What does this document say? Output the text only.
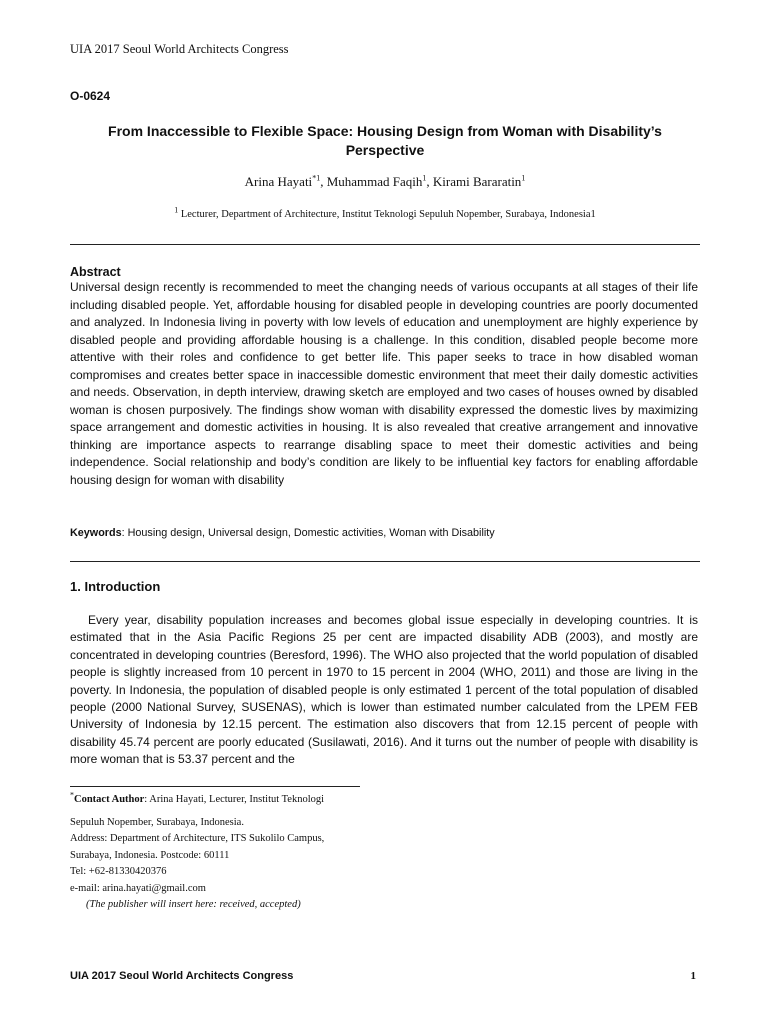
UIA 2017 Seoul World Architects Congress
O-0624
From Inaccessible to Flexible Space: Housing Design from Woman with Disability’s Perspective
Arina Hayati$^{*1}$, Muhammad Faqih$^1$, Kirami Bararatin$^1$
$^1$ Lecturer, Department of Architecture, Institut Teknologi Sepuluh Nopember, Surabaya, Indonesia1
Abstract

Universal design recently is recommended to meet the changing needs of various occupants at all stages of their life including disabled people. Yet, affordable housing for disabled people in developing countries are poorly documented and analyzed. In Indonesia living in poverty with low levels of education and unemployment are highly experience by disabled people and providing affordable housing is a challenge. In this condition, disabled people become more attentive with their roles and confidence to get better life. This paper seeks to trace in how disabled woman compromises and creates better space in inaccessible domestic environment that meet their daily domestic activities and needs. Observation, in depth interview, drawing sketch are employed and two cases of houses owned by disabled woman is chosen purposively. The findings show woman with disability expressed the domestic lives by maximizing space arrangement and domestic activities in housing. It is also revealed that creative arrangement and innovative thinking are importance aspects to rearrange disabling space to meet their domestic activities and being independence. Social relationship and body’s condition are likely to be influential key factors for enabling affordable housing design for woman with disability

Keywords: Housing design, Universal design, Domestic activities, Woman with Disability
1. Introduction

Every year, disability population increases and becomes global issue especially in developing countries. It is estimated that in the Asia Pacific Regions 25 per cent are impacted disability ADB (2003), and mostly are concentrated in developing countries (Beresford, 1996). The WHO also projected that the world population of disabled people is slightly increased from 10 percent in 1970 to 15 percent in 2004 (WHO, 2011) and those are living in the poverty. In Indonesia, the population of disabled people is only estimated 1 percent of the total population of disabled people (2000 National Survey, SUSENAS), which is lower than estimated number calculated from the LPEM FEB University of Indonesia by 12.15 percent. The estimation also discovers that from 12.15 percent of people with disability 45.74 percent are poorly educated (Susilawati, 2016). And it turns out the number of people with disability is more woman that is 53.37 percent and the

*Contact Author: Arina Hayati, Lecturer, Institut Teknologi
Sepuluh Nopember, Surabaya, Indonesia.
Address: Department of Architecture, ITS Sukolilo Campus,
Surabaya, Indonesia. Postcode: 60111
Tel: +62-81330420376
e-mail: arina.hayati@gmail.com
(The publisher will insert here: received, accepted)
UIA 2017 Seoul World Architects Congress	1
